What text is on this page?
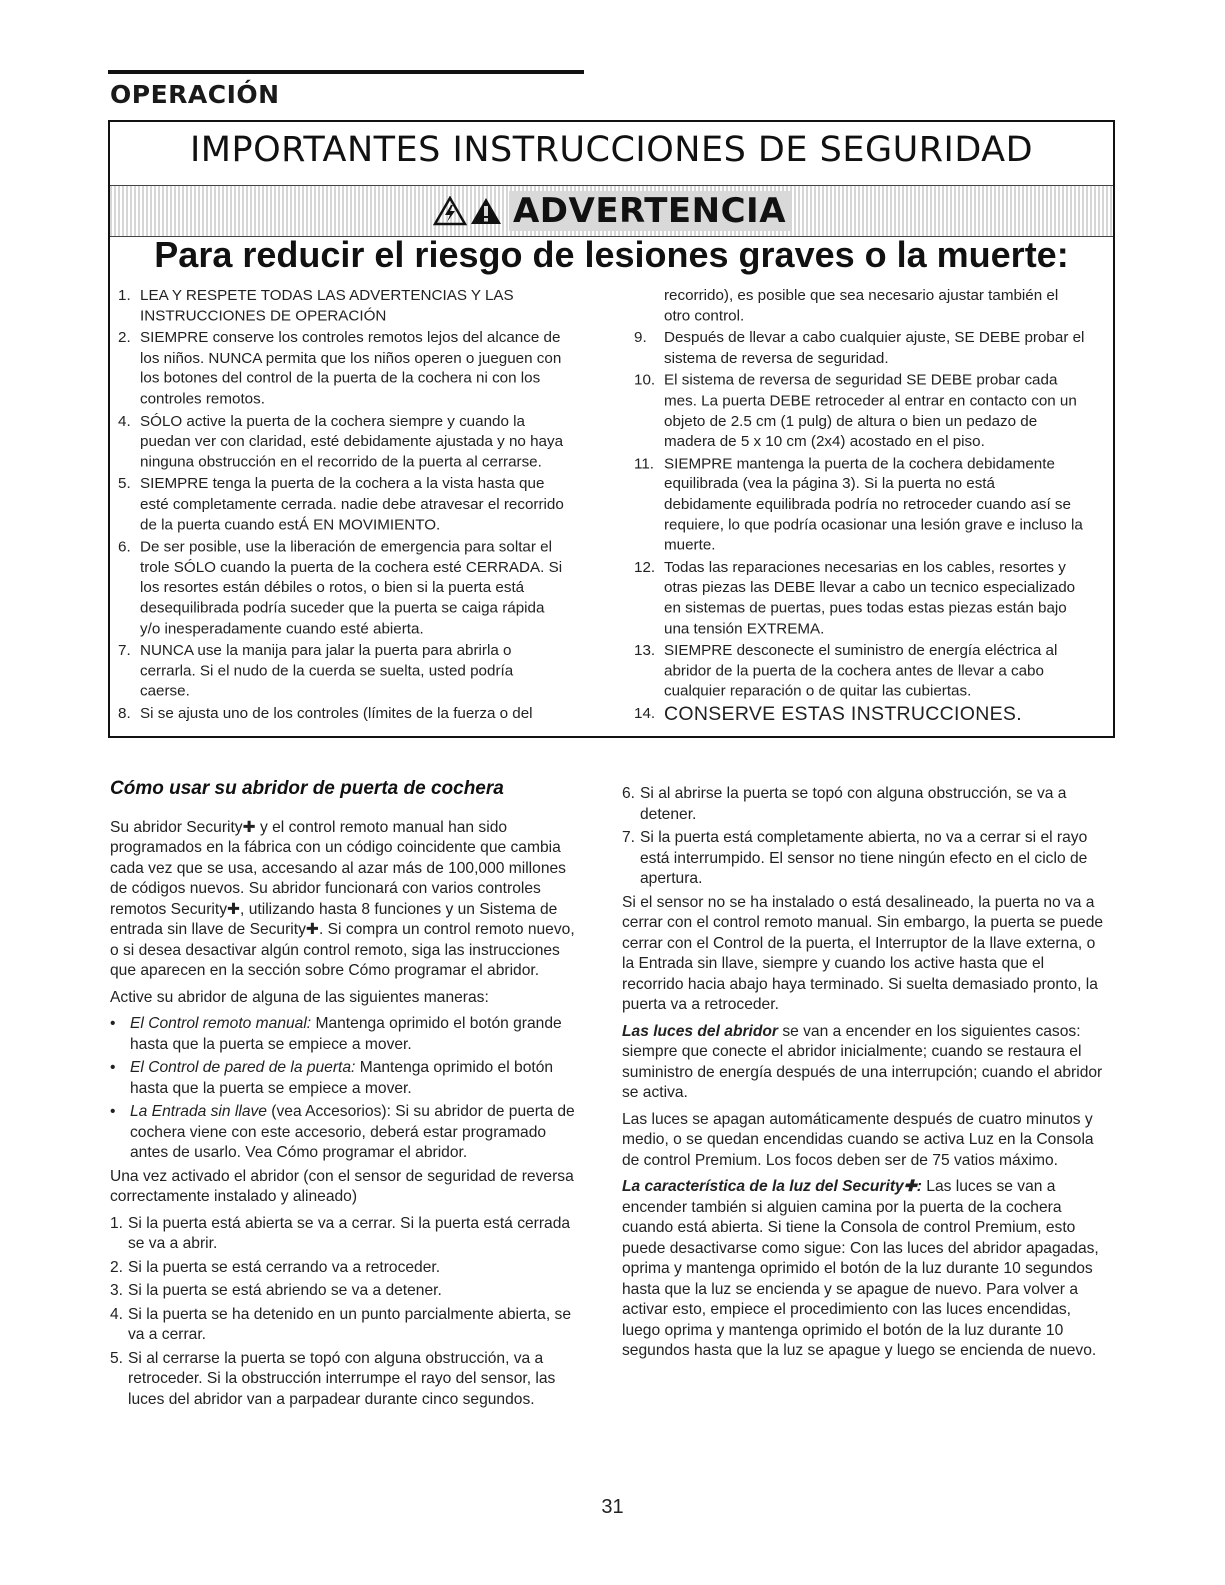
OPERACIÓN
IMPORTANTES INSTRUCCIONES DE SEGURIDAD
ADVERTENCIA
Para reducir el riesgo de lesiones graves o la muerte:
1. LEA Y RESPETE TODAS LAS ADVERTENCIAS Y LAS INSTRUCCIONES DE OPERACIÓN
2. SIEMPRE conserve los controles remotos lejos del alcance de los niños. NUNCA permita que los niños operen o jueguen con los botones del control de la puerta de la cochera ni con los controles remotos.
4. SÓLO active la puerta de la cochera siempre y cuando la puedan ver con claridad, esté debidamente ajustada y no haya ninguna obstrucción en el recorrido de la puerta al cerrarse.
5. SIEMPRE tenga la puerta de la cochera a la vista hasta que esté completamente cerrada. nadie debe atravesar el recorrido de la puerta cuando estÁ EN MOVIMIENTO.
6. De ser posible, use la liberación de emergencia para soltar el trole SÓLO cuando la puerta de la cochera esté CERRADA. Si los resortes están débiles o rotos, o bien si la puerta está desequilibrada podría suceder que la puerta se caiga rápida y/o inesperadamente cuando esté abierta.
7. NUNCA use la manija para jalar la puerta para abrirla o cerrarla. Si el nudo de la cuerda se suelta, usted podría caerse.
8. Si se ajusta uno de los controles (límites de la fuerza o del
recorrido), es posible que sea necesario ajustar también el otro control.
9.	Después de llevar a cabo cualquier ajuste, SE DEBE probar el sistema de reversa de seguridad.
10. El sistema de reversa de seguridad SE DEBE probar cada mes. La puerta DEBE retroceder al entrar en contacto con un objeto de 2.5 cm (1 pulg) de altura o bien un pedazo de madera de 5 x 10 cm (2x4) acostado en el piso.
11. SIEMPRE mantenga la puerta de la cochera debidamente equilibrada (vea la página 3). Si la puerta no está debidamente equilibrada podría no retroceder cuando así se requiere, lo que podría ocasionar una lesión grave e incluso la muerte.
12. Todas las reparaciones necesarias en los cables, resortes y otras piezas las DEBE llevar a cabo un tecnico especializado en sistemas de puertas, pues todas estas piezas están bajo una tensión EXTREMA.
13. SIEMPRE desconecte el suministro de energía eléctrica al abridor de la puerta de la cochera antes de llevar a cabo cualquier reparación o de quitar las cubiertas.
14. CONSERVE ESTAS INSTRUCCIONES.
Cómo usar su abridor de puerta de cochera

Su abridor Security✚ y el control remoto manual han sido programados en la fábrica con un código coincidente que cambia cada vez que se usa, accesando al azar más de 100,000 millones de códigos nuevos. Su abridor funcionará con varios controles remotos Security✚, utilizando hasta 8 funciones y un Sistema de entrada sin llave de Security✚. Si compra un control remoto nuevo, o si desea desactivar algún control remoto, siga las instrucciones que aparecen en la sección sobre Cómo programar el abridor.

Active su abridor de alguna de las siguientes maneras:

• El Control remoto manual: Mantenga oprimido el botón grande hasta que la puerta se empiece a mover.
• El Control de pared de la puerta: Mantenga oprimido el botón hasta que la puerta se empiece a mover.
• La Entrada sin llave (vea Accesorios): Si su abridor de puerta de cochera viene con este accesorio, deberá estar programado antes de usarlo. Vea Cómo programar el abridor.

Una vez activado el abridor (con el sensor de seguridad de reversa correctamente instalado y alineado)

1. Si la puerta está abierta se va a cerrar. Si la puerta está cerrada se va a abrir.
2. Si la puerta se está cerrando va a retroceder.
3. Si la puerta se está abriendo se va a detener.
4. Si la puerta se ha detenido en un punto parcialmente abierta, se va a cerrar.
5. Si al cerrarse la puerta se topó con alguna obstrucción, va a retroceder. Si la obstrucción interrumpe el rayo del sensor, las luces del abridor van a parpadear durante cinco segundos.
6. Si al abrirse la puerta se topó con alguna obstrucción, se va a detener.
7. Si la puerta está completamente abierta, no va a cerrar si el rayo está interrumpido. El sensor no tiene ningún efecto en el ciclo de apertura.

Si el sensor no se ha instalado o está desalineado, la puerta no va a cerrar con el control remoto manual. Sin embargo, la puerta se puede cerrar con el Control de la puerta, el Interruptor de la llave externa, o la Entrada sin llave, siempre y cuando los active hasta que el recorrido hacia abajo haya terminado. Si suelta demasiado pronto, la puerta va a retroceder.

Las luces del abridor se van a encender en los siguientes casos: siempre que conecte el abridor inicialmente; cuando se restaura el suministro de energía después de una interrupción; cuando el abridor se activa.

Las luces se apagan automáticamente después de cuatro minutos y medio, o se quedan encendidas cuando se activa Luz en la Consola de control Premium. Los focos deben ser de 75 vatios máximo.

La característica de la luz del Security✚: Las luces se van a encender también si alguien camina por la puerta de la cochera cuando está abierta. Si tiene la Consola de control Premium, esto puede desactivarse como sigue: Con las luces del abridor apagadas, oprima y mantenga oprimido el botón de la luz durante 10 segundos hasta que la luz se encienda y se apague de nuevo. Para volver a activar esto, empiece el procedimiento con las luces encendidas, luego oprima y mantenga oprimido el botón de la luz durante 10 segundos hasta que la luz se apague y luego se encienda de nuevo.

31
